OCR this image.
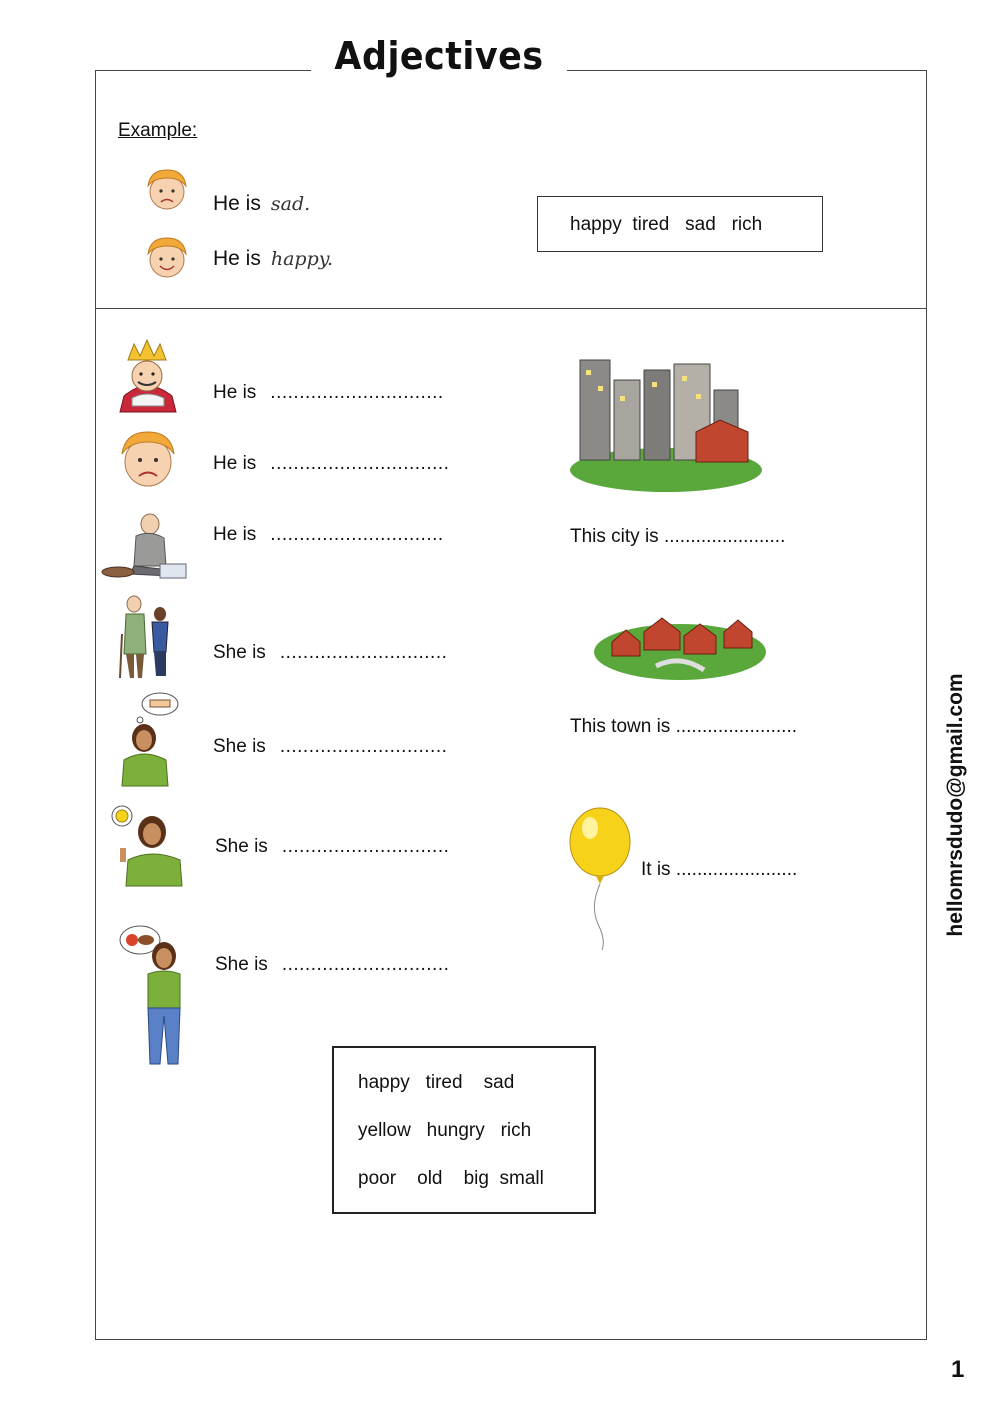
Adjectives
Example:
He is sad.
He is happy.
happy  tired   sad   rich
He is ..............................
He is ...............................
He is ..............................
She is .............................
She is .............................
She is .............................
She is .............................
This city is .......................
This town is .......................
It is .......................
happy   tired    sad
yellow   hungry   rich
poor    old    big  small
hellomrsdudo@gmail.com
1
